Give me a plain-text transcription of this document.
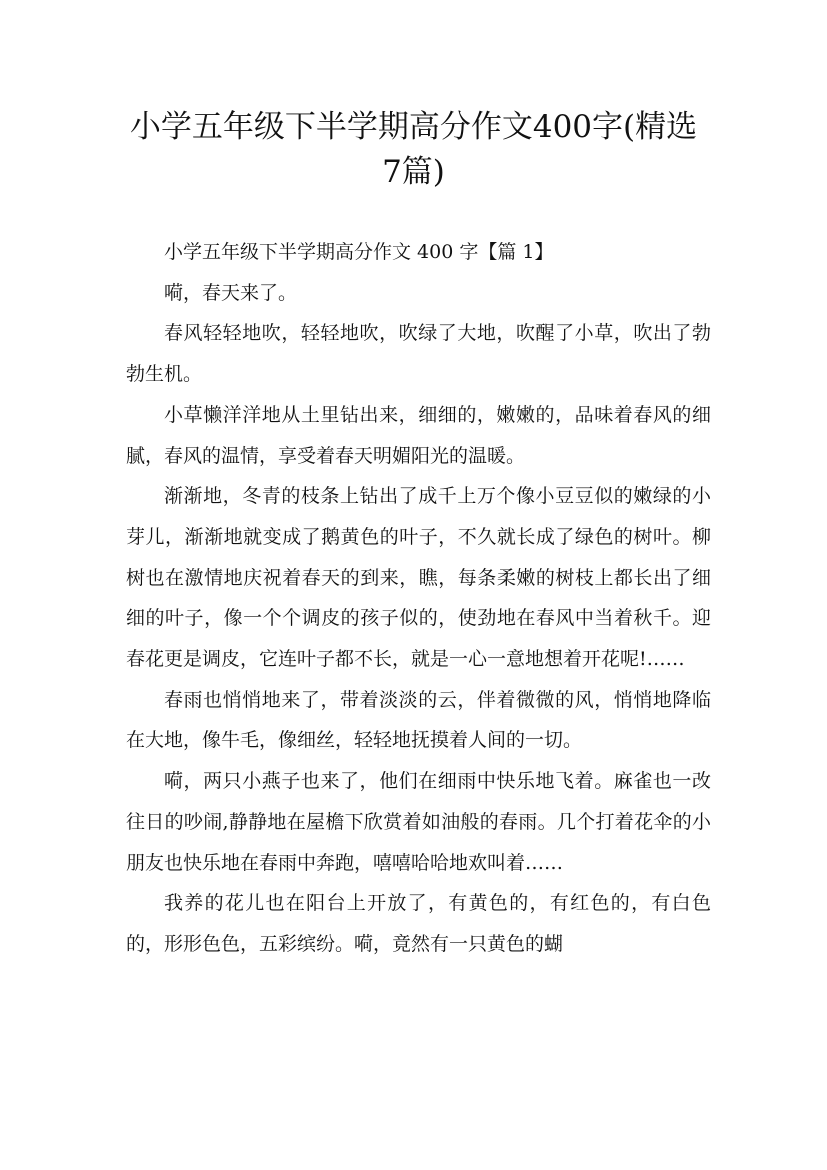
小学五年级下半学期高分作文400字(精选
7篇)

小学五年级下半学期高分作文 400 字【篇 1】

嗬，春天来了。

春风轻轻地吹，轻轻地吹，吹绿了大地，吹醒了小草，吹出了勃勃生机。

小草懒洋洋地从土里钻出来，细细的，嫩嫩的，品味着春风的细腻，春风的温情，享受着春天明媚阳光的温暖。

渐渐地，冬青的枝条上钻出了成千上万个像小豆豆似的嫩绿的小芽儿，渐渐地就变成了鹅黄色的叶子，不久就长成了绿色的树叶。柳树也在激情地庆祝着春天的到来，瞧，每条柔嫩的树枝上都长出了细细的叶子，像一个个调皮的孩子似的，使劲地在春风中当着秋千。迎春花更是调皮，它连叶子都不长，就是一心一意地想着开花呢!……

春雨也悄悄地来了，带着淡淡的云，伴着微微的风，悄悄地降临在大地，像牛毛，像细丝，轻轻地抚摸着人间的一切。

嗬，两只小燕子也来了，他们在细雨中快乐地飞着。麻雀也一改往日的吵闹,静静地在屋檐下欣赏着如油般的春雨。几个打着花伞的小朋友也快乐地在春雨中奔跑，嘻嘻哈哈地欢叫着……

我养的花儿也在阳台上开放了，有黄色的，有红色的，有白色的，形形色色，五彩缤纷。嗬，竟然有一只黄色的蝴
